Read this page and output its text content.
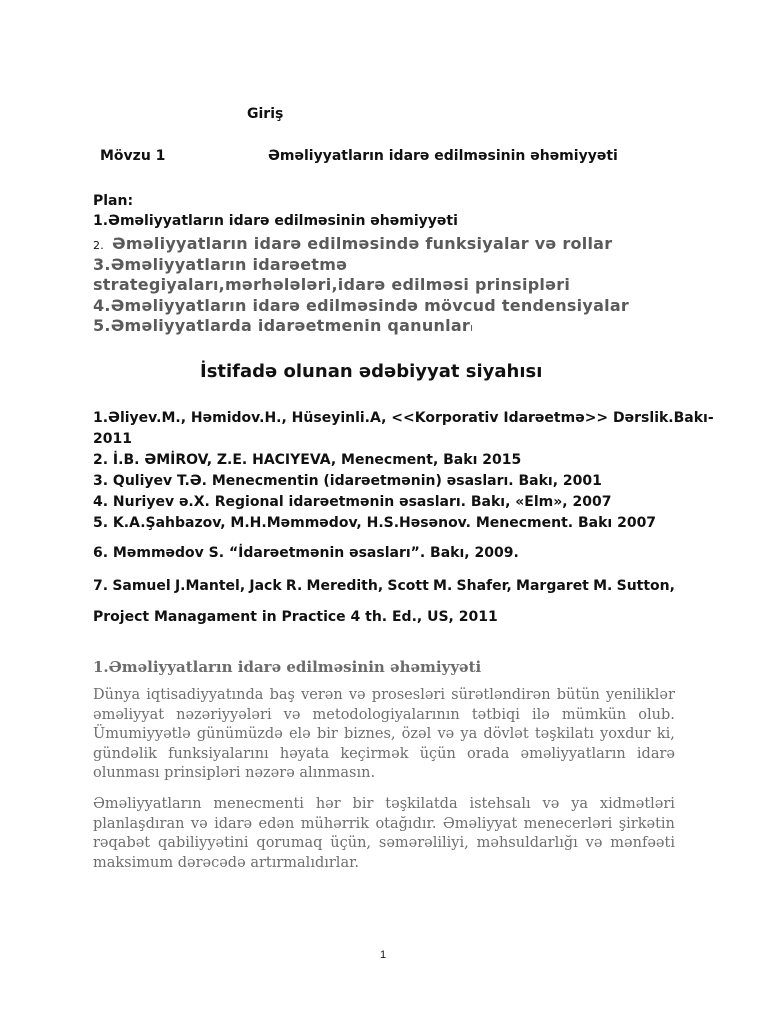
Giriş

Mövzu 1	Əməliyyatların idarə edilməsinin əhəmiyyəti

Plan:

1.Əməliyyatların idarə edilməsinin əhəmiyyəti

2. Əməliyyatların idarə edilməsində funksiyalar və rollar

3.Əməliyyatların idarəetmə

strategiyaları,mərhələləri,idarə edilməsi prinsipləri

4.Əməliyyatların idarə edilməsində mövcud tendensiyalar

5.Əməliyyatlarda idarəetmenin qanunları

İstifadə olunan ədəbiyyat siyahısı

1.Əliyev.M., Həmidov.H., Hüseyinli.A, <<Korporativ Idarəetmə>> Dərslik.Bakı-

2011

2. İ.B. ƏMİROV, Z.E. HACIYEVA, Menecment, Bakı 2015

3. Quliyev T.Ə. Menecmentin (idarəetmənin) əsasları. Bakı, 2001

4. Nuriyev ə.X. Regional idarəetmənin əsasları. Bakı, «Elm», 2007

5. K.A.Şahbazov, M.H.Məmmədov, H.S.Həsənov. Menecment. Bakı 2007

6. Məmmədov S. “İdarəetmənin əsasları”. Bakı, 2009.

7. Samuel J.Mantel, Jack R. Meredith, Scott M. Shafer, Margaret M. Sutton,

Project Managament in Practice 4 th. Ed., US, 2011

1.Əməliyyatların idarə edilməsinin əhəmiyyəti

Dünya iqtisadiyyatında baş verən və prosesləri sürətləndirən bütün yeniliklər
əməliyyat nəzəriyyələri və metodologiyalarının tətbiqi ilə mümkün olub.
Ümumiyyətlə günümüzdə elə bir biznes, özəl və ya dövlət təşkilatı yoxdur ki,
gündəlik funksiyalarını həyata keçirmək üçün orada əməliyyatların idarə
olunması prinsipləri nəzərə alınmasın.
Əməliyyatların menecmenti hər bir təşkilatda istehsalı və ya xidmətləri
planlaşdıran və idarə edən mühərrik otağıdır. Əməliyyat menecerləri şirkətin
rəqabət qabiliyyətini qorumaq üçün, səmərəliliyi, məhsuldarlığı və mənfəəti
maksimum dərəcədə artırmalıdırlar.

1
